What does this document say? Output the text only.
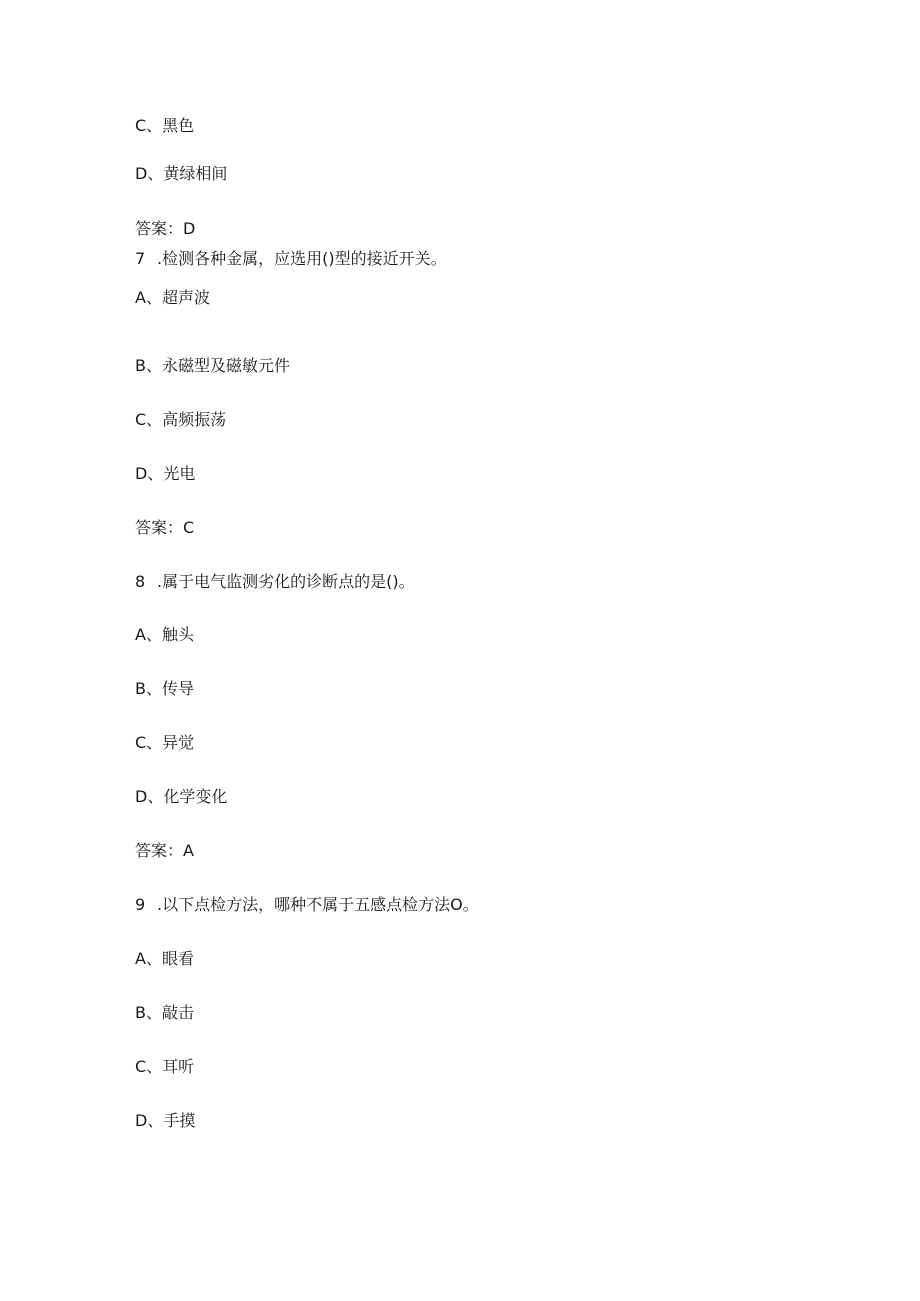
C、黑色
D、黄绿相间
答案：D
7 .检测各种金属，应选用()型的接近开关。
A、超声波
B、永磁型及磁敏元件
C、高频振荡
D、光电
答案：C
8 .属于电气监测劣化的诊断点的是()。
A、触头
B、传导
C、异觉
D、化学变化
答案：A
9 .以下点检方法，哪种不属于五感点检方法O。
A、眼看
B、敲击
C、耳听
D、手摸
